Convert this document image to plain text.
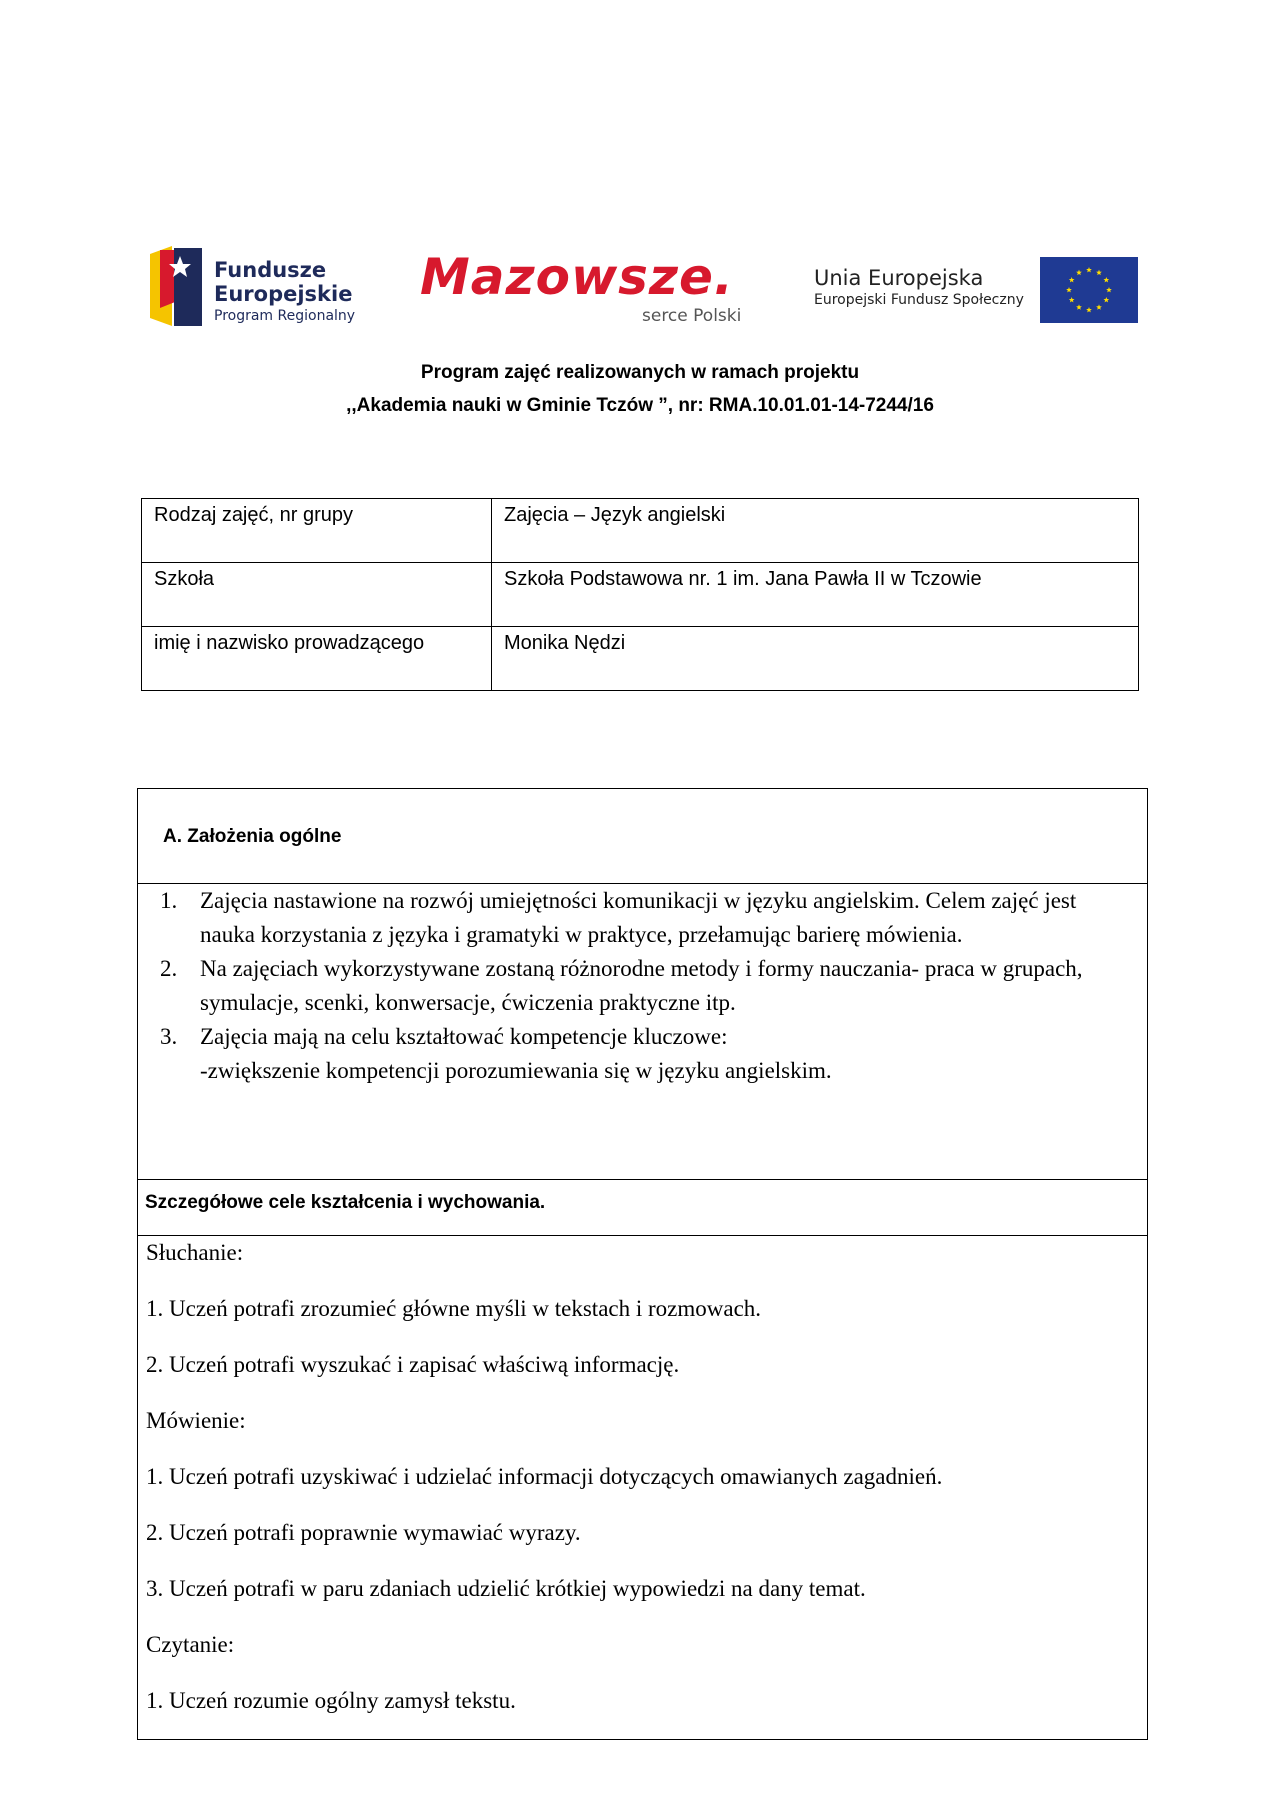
Fundusze
Europejskie
Program Regionalny
Mazowsze.
serce Polski
Unia Europejska
Europejski Fundusz Społeczny
Program zajęć realizowanych w ramach projektu
,,Akademia nauki w Gminie Tczów ”, nr: RMA.10.01.01-14-7244/16
Rodzaj zajęć, nr grupy	Zajęcia – Język angielski
Szkoła	Szkoła Podstawowa nr. 1 im. Jana Pawła II w Tczowie
imię i nazwisko prowadzącego	Monika Nędzi
A. Założenia ogólne
1. Zajęcia nastawione na rozwój umiejętności komunikacji w języku angielskim. Celem zajęć jest nauka korzystania z języka i gramatyki w praktyce, przełamując barierę mówienia.
2. Na zajęciach wykorzystywane zostaną różnorodne metody i formy nauczania- praca w grupach, symulacje, scenki, konwersacje, ćwiczenia praktyczne itp.
3. Zajęcia mają na celu kształtować kompetencje kluczowe:
-zwiększenie kompetencji porozumiewania się w języku angielskim.
Szczegółowe cele kształcenia i wychowania.

Słuchanie:

1. Uczeń potrafi zrozumieć główne myśli w tekstach i rozmowach.

2. Uczeń potrafi wyszukać i zapisać właściwą informację.

Mówienie:

1. Uczeń potrafi uzyskiwać i udzielać informacji dotyczących omawianych zagadnień.

2. Uczeń potrafi poprawnie wymawiać wyrazy.

3. Uczeń potrafi w paru zdaniach udzielić krótkiej wypowiedzi na dany temat.

Czytanie:

1. Uczeń rozumie ogólny zamysł tekstu.
